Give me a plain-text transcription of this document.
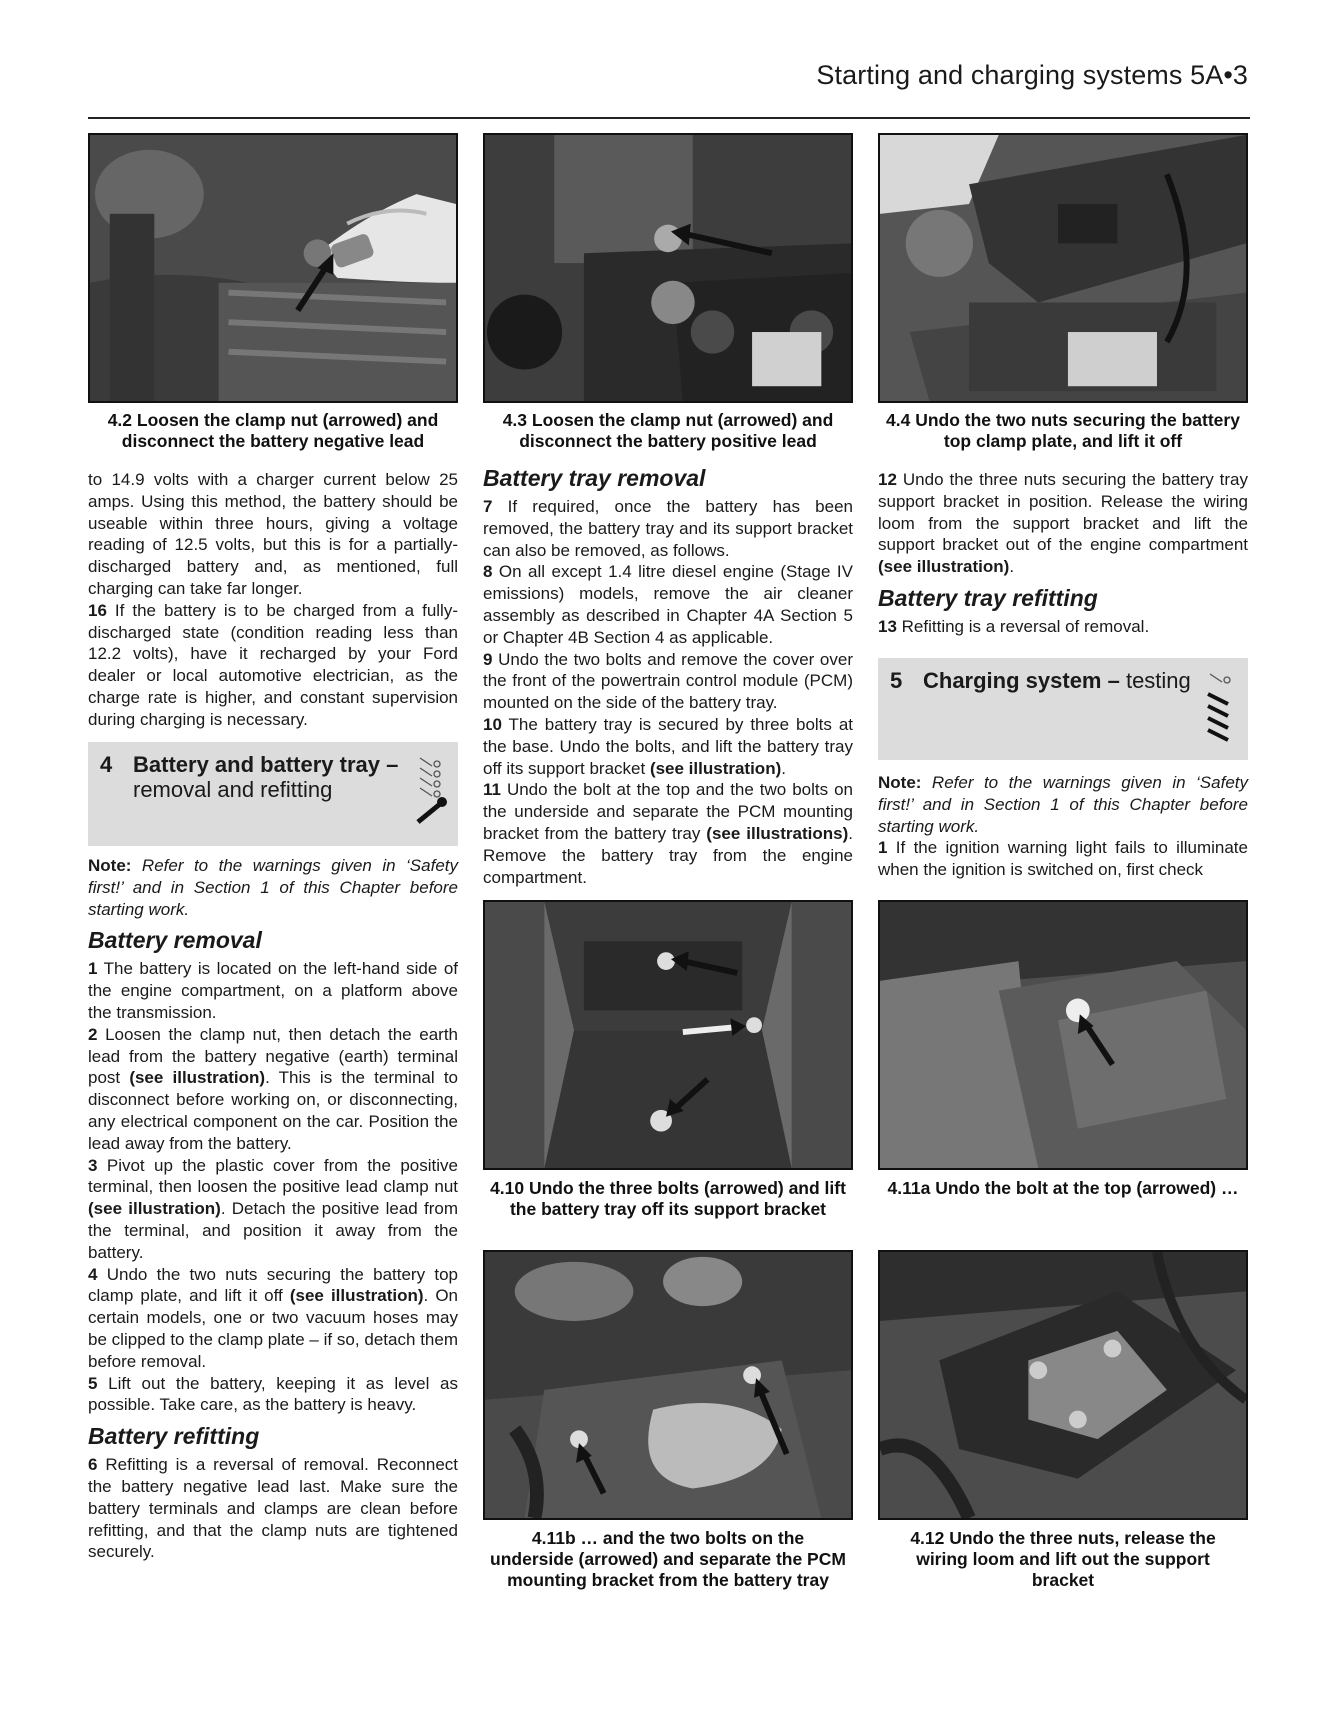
Starting and charging systems 5A•3
4.2 Loosen the clamp nut (arrowed) and
disconnect the battery negative lead
4.3 Loosen the clamp nut (arrowed) and
disconnect the battery positive lead
4.4 Undo the two nuts securing the battery
top clamp plate, and lift it off

to 14.9 volts with a charger current below 25 amps. Using this method, the battery should be useable within three hours, giving a voltage reading of 12.5 volts, but this is for a partially-discharged battery and, as mentioned, full charging can take far longer.

16 If the battery is to be charged from a fully-discharged state (condition reading less than 12.2 volts), have it recharged by your Ford dealer or local automotive electrician, as the charge rate is higher, and constant supervision during charging is necessary.

4 Battery and battery tray –
removal and refitting

Note: Refer to the warnings given in ‘Safety first!’ and in Section 1 of this Chapter before starting work.

Battery removal

1 The battery is located on the left-hand side of the engine compartment, on a platform above the transmission.

2 Loosen the clamp nut, then detach the earth lead from the battery negative (earth) terminal post (see illustration). This is the terminal to disconnect before working on, or disconnecting, any electrical component on the car. Position the lead away from the battery.

3 Pivot up the plastic cover from the positive terminal, then loosen the positive lead clamp nut (see illustration). Detach the positive lead from the terminal, and position it away from the battery.

4 Undo the two nuts securing the battery top clamp plate, and lift it off (see illustration). On certain models, one or two vacuum hoses may be clipped to the clamp plate – if so, detach them before removal.

5 Lift out the battery, keeping it as level as possible. Take care, as the battery is heavy.

Battery refitting

6 Refitting is a reversal of removal. Reconnect the battery negative lead last. Make sure the battery terminals and clamps are clean before refitting, and that the clamp nuts are tightened securely.

Battery tray removal

7 If required, once the battery has been removed, the battery tray and its support bracket can also be removed, as follows.

8 On all except 1.4 litre diesel engine (Stage IV emissions) models, remove the air cleaner assembly as described in Chapter 4A Section 5 or Chapter 4B Section 4 as applicable.

9 Undo the two bolts and remove the cover over the front of the powertrain control module (PCM) mounted on the side of the battery tray.

10 The battery tray is secured by three bolts at the base. Undo the bolts, and lift the battery tray off its support bracket (see illustration).

11 Undo the bolt at the top and the two bolts on the underside and separate the PCM mounting bracket from the battery tray (see illustrations). Remove the battery tray from the engine compartment.

12 Undo the three nuts securing the battery tray support bracket in position. Release the wiring loom from the support bracket and lift the support bracket out of the engine compartment (see illustration).

Battery tray refitting

13 Refitting is a reversal of removal.

5 Charging system – testing

Note: Refer to the warnings given in ‘Safety first!’ and in Section 1 of this Chapter before starting work.

1 If the ignition warning light fails to illuminate when the ignition is switched on, first check

4.10 Undo the three bolts (arrowed) and lift
the battery tray off its support bracket
4.11a Undo the bolt at the top (arrowed) …
4.11b … and the two bolts on the
underside (arrowed) and separate the PCM
mounting bracket from the battery tray
4.12 Undo the three nuts, release the
wiring loom and lift out the support
bracket
